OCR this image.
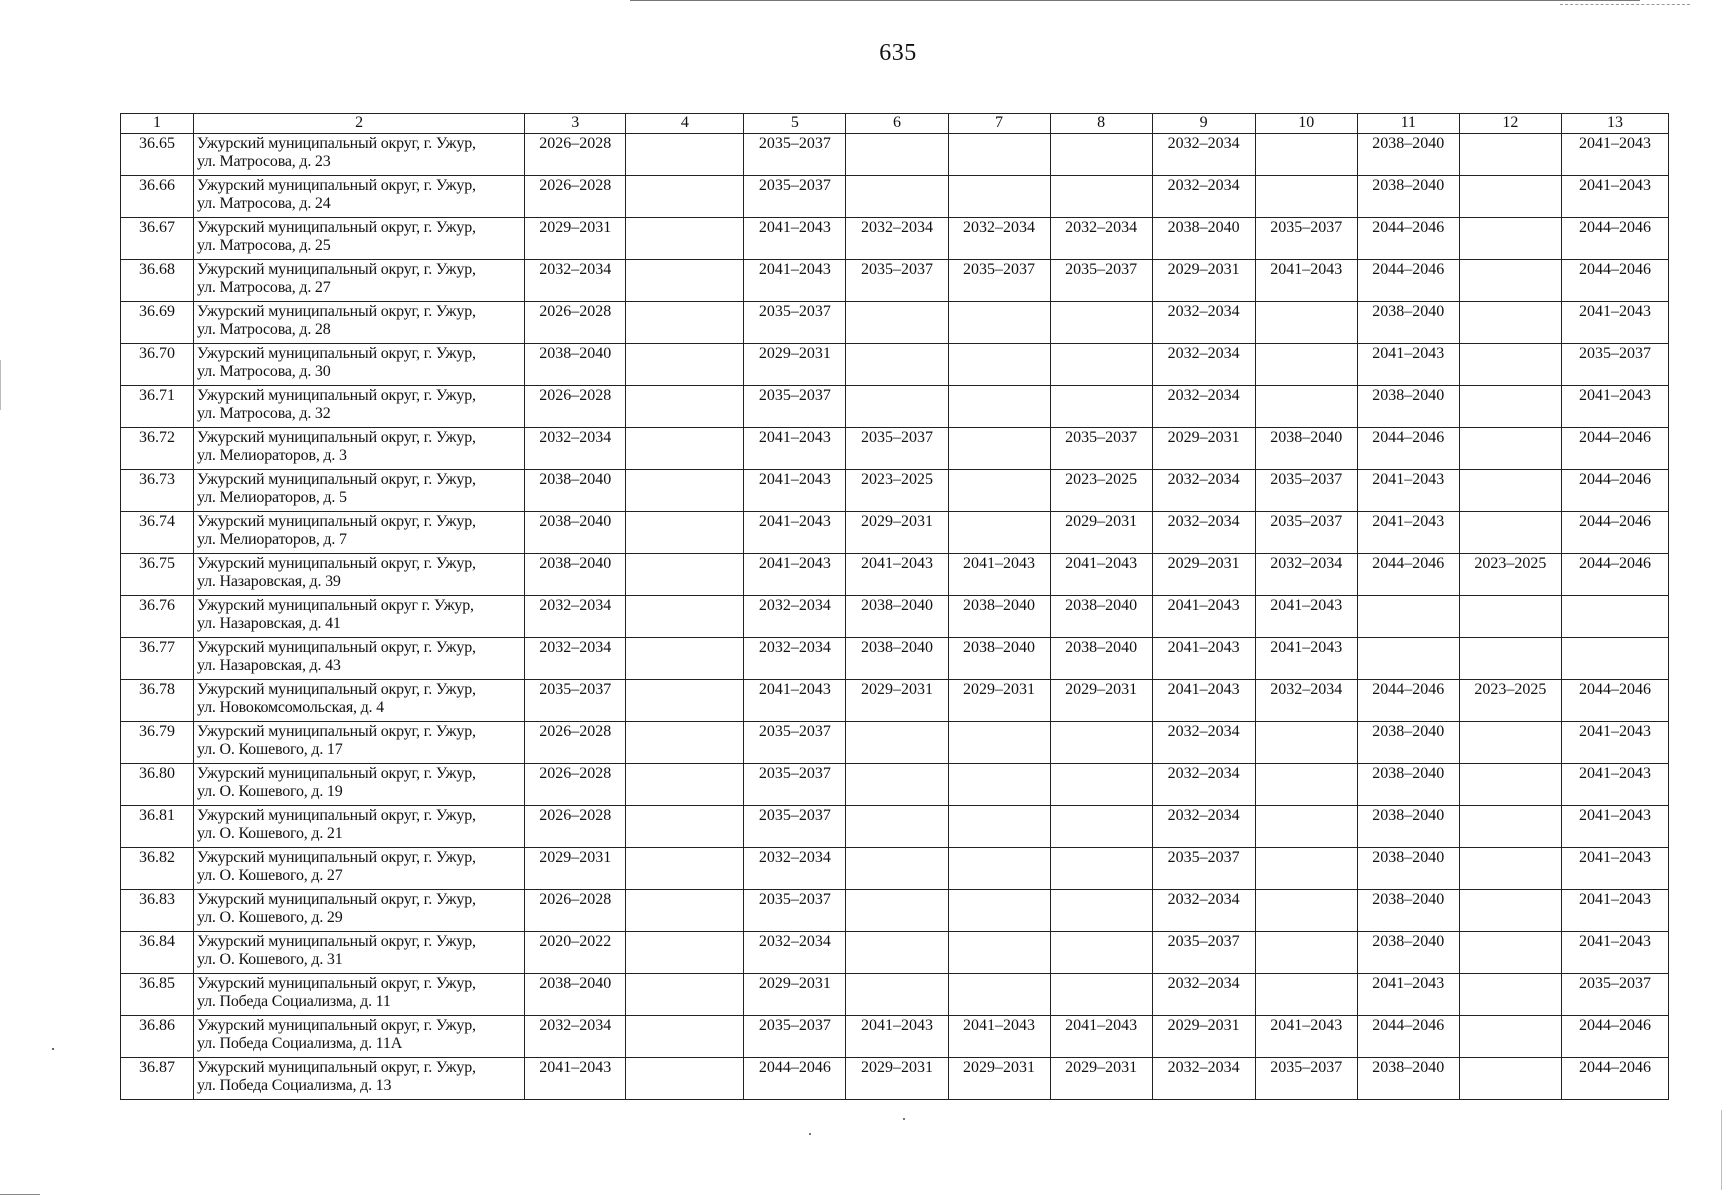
635
1	2	3	4	5	6	7	8	9	10	11	12	13
36.65	Ужурский муниципальный округ, г. Ужур,
ул. Матросова, д. 23	2026–2028		2035–2037				2032–2034		2038–2040		2041–2043
36.66	Ужурский муниципальный округ, г. Ужур,
ул. Матросова, д. 24	2026–2028		2035–2037				2032–2034		2038–2040		2041–2043
36.67	Ужурский муниципальный округ, г. Ужур,
ул. Матросова, д. 25	2029–2031		2041–2043	2032–2034	2032–2034	2032–2034	2038–2040	2035–2037	2044–2046		2044–2046
36.68	Ужурский муниципальный округ, г. Ужур,
ул. Матросова, д. 27	2032–2034		2041–2043	2035–2037	2035–2037	2035–2037	2029–2031	2041–2043	2044–2046		2044–2046
36.69	Ужурский муниципальный округ, г. Ужур,
ул. Матросова, д. 28	2026–2028		2035–2037				2032–2034		2038–2040		2041–2043
36.70	Ужурский муниципальный округ, г. Ужур,
ул. Матросова, д. 30	2038–2040		2029–2031				2032–2034		2041–2043		2035–2037
36.71	Ужурский муниципальный округ, г. Ужур,
ул. Матросова, д. 32	2026–2028		2035–2037				2032–2034		2038–2040		2041–2043
36.72	Ужурский муниципальный округ, г. Ужур,
ул. Мелиораторов, д. 3	2032–2034		2041–2043	2035–2037		2035–2037	2029–2031	2038–2040	2044–2046		2044–2046
36.73	Ужурский муниципальный округ, г. Ужур,
ул. Мелиораторов, д. 5	2038–2040		2041–2043	2023–2025		2023–2025	2032–2034	2035–2037	2041–2043		2044–2046
36.74	Ужурский муниципальный округ, г. Ужур,
ул. Мелиораторов, д. 7	2038–2040		2041–2043	2029–2031		2029–2031	2032–2034	2035–2037	2041–2043		2044–2046
36.75	Ужурский муниципальный округ, г. Ужур,
ул. Назаровская, д. 39	2038–2040		2041–2043	2041–2043	2041–2043	2041–2043	2029–2031	2032–2034	2044–2046	2023–2025	2044–2046
36.76	Ужурский муниципальный округ г. Ужур,
ул. Назаровская, д. 41	2032–2034		2032–2034	2038–2040	2038–2040	2038–2040	2041–2043	2041–2043			
36.77	Ужурский муниципальный округ, г. Ужур,
ул. Назаровская, д. 43	2032–2034		2032–2034	2038–2040	2038–2040	2038–2040	2041–2043	2041–2043			
36.78	Ужурский муниципальный округ, г. Ужур,
ул. Новокомсомольская, д. 4	2035–2037		2041–2043	2029–2031	2029–2031	2029–2031	2041–2043	2032–2034	2044–2046	2023–2025	2044–2046
36.79	Ужурский муниципальный округ, г. Ужур,
ул. О. Кошевого, д. 17	2026–2028		2035–2037				2032–2034		2038–2040		2041–2043
36.80	Ужурский муниципальный округ, г. Ужур,
ул. О. Кошевого, д. 19	2026–2028		2035–2037				2032–2034		2038–2040		2041–2043
36.81	Ужурский муниципальный округ, г. Ужур,
ул. О. Кошевого, д. 21	2026–2028		2035–2037				2032–2034		2038–2040		2041–2043
36.82	Ужурский муниципальный округ, г. Ужур,
ул. О. Кошевого, д. 27	2029–2031		2032–2034				2035–2037		2038–2040		2041–2043
36.83	Ужурский муниципальный округ, г. Ужур,
ул. О. Кошевого, д. 29	2026–2028		2035–2037				2032–2034		2038–2040		2041–2043
36.84	Ужурский муниципальный округ, г. Ужур,
ул. О. Кошевого, д. 31	2020–2022		2032–2034				2035–2037		2038–2040		2041–2043
36.85	Ужурский муниципальный округ, г. Ужур,
ул. Победа Социализма, д. 11	2038–2040		2029–2031				2032–2034		2041–2043		2035–2037
36.86	Ужурский муниципальный округ, г. Ужур,
ул. Победа Социализма, д. 11А	2032–2034		2035–2037	2041–2043	2041–2043	2041–2043	2029–2031	2041–2043	2044–2046		2044–2046
36.87	Ужурский муниципальный округ, г. Ужур,
ул. Победа Социализма, д. 13	2041–2043		2044–2046	2029–2031	2029–2031	2029–2031	2032–2034	2035–2037	2038–2040		2044–2046
